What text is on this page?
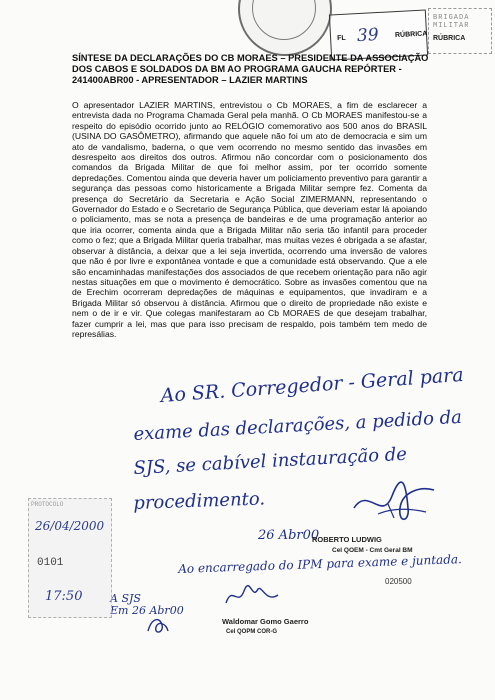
FL 39 RÚBRICA
BRIGADA MILITAR
RÚBRICA

SÍNTESE DA DECLARAÇÕES DO CB MORAES – PRESIDENTE DA ASSOCIAÇÃO DOS CABOS E SOLDADOS DA BM AO PROGRAMA GAUCHA REPÓRTER - 241400ABR00 - APRESENTADOR – LAZIER MARTINS

O apresentador LAZIER MARTINS, entrevistou o Cb MORAES, a fim de esclarecer a entrevista dada no Programa Chamada Geral pela manhã. O Cb MORAES manifestou-se a respeito do episódio ocorrido junto ao RELÓGIO comemorativo aos 500 anos do BRASIL (USINA DO GASÔMETRO), afirmando que aquele não foi um ato de democracia e sim um ato de vandalismo, baderna, o que vem ocorrendo no mesmo sentido das invasões em desrespeito aos direitos dos outros. Afirmou não concordar com o posicionamento dos comandos da Brigada Militar de que foi melhor assim, por ter ocorrido somente depredações. Comentou ainda que deveria haver um policiamento preventivo para garantir a segurança das pessoas como historicamente a Brigada Militar sempre fez. Comenta da presença do Secretário da Secretaria e Ação Social ZIMERMANN, representando o Governador do Estado e o Secretario de Segurança Pública, que deveriam estar lá apoiando o policiamento, mas se nota a presença de bandeiras e de uma programação anterior ao que iria ocorrer, comenta ainda que a Brigada Militar não seria tão infantil para proceder como o fez; que a Brigada Militar queria trabalhar, mas muitas vezes é obrigada a se afastar, observar à distância, a deixar que a lei seja invertida, ocorrendo uma inversão de valores que não é por livre e expontânea vontade e que a comunidade está observando. Que a ele são encaminhadas manifestações dos associados de que recebem orientação para não agir nestas situações em que o movimento é democrático. Sobre as invasões comentou que na de Erechim ocorreram depredações de máquinas e equipamentos, que invadiram e a Brigada Militar só observou à distância. Afirmou que o direito de propriedade não existe e nem o de ir e vir. Que colegas manifestaram ao Cb MORAES de que desejam trabalhar, fazer cumprir a lei, mas que para isso precisam de respaldo, pois também tem medo de represálias.

Ao SR. Corregedor - Geral para

exame das declarações, a pedido da

SJS, se cabível instauração de

procedimento.

26 Abr00

ROBERTO LUDWIG

Cel QOEM - Cmt Geral BM

Ao encarregado do IPM para exame e juntada.

020500

Waldomar Gomo Gaerro

Cel QOPM COR-G

A SJS

Em 26 Abr00

PROTOCOLO

26/04/2000

0101

17:50
